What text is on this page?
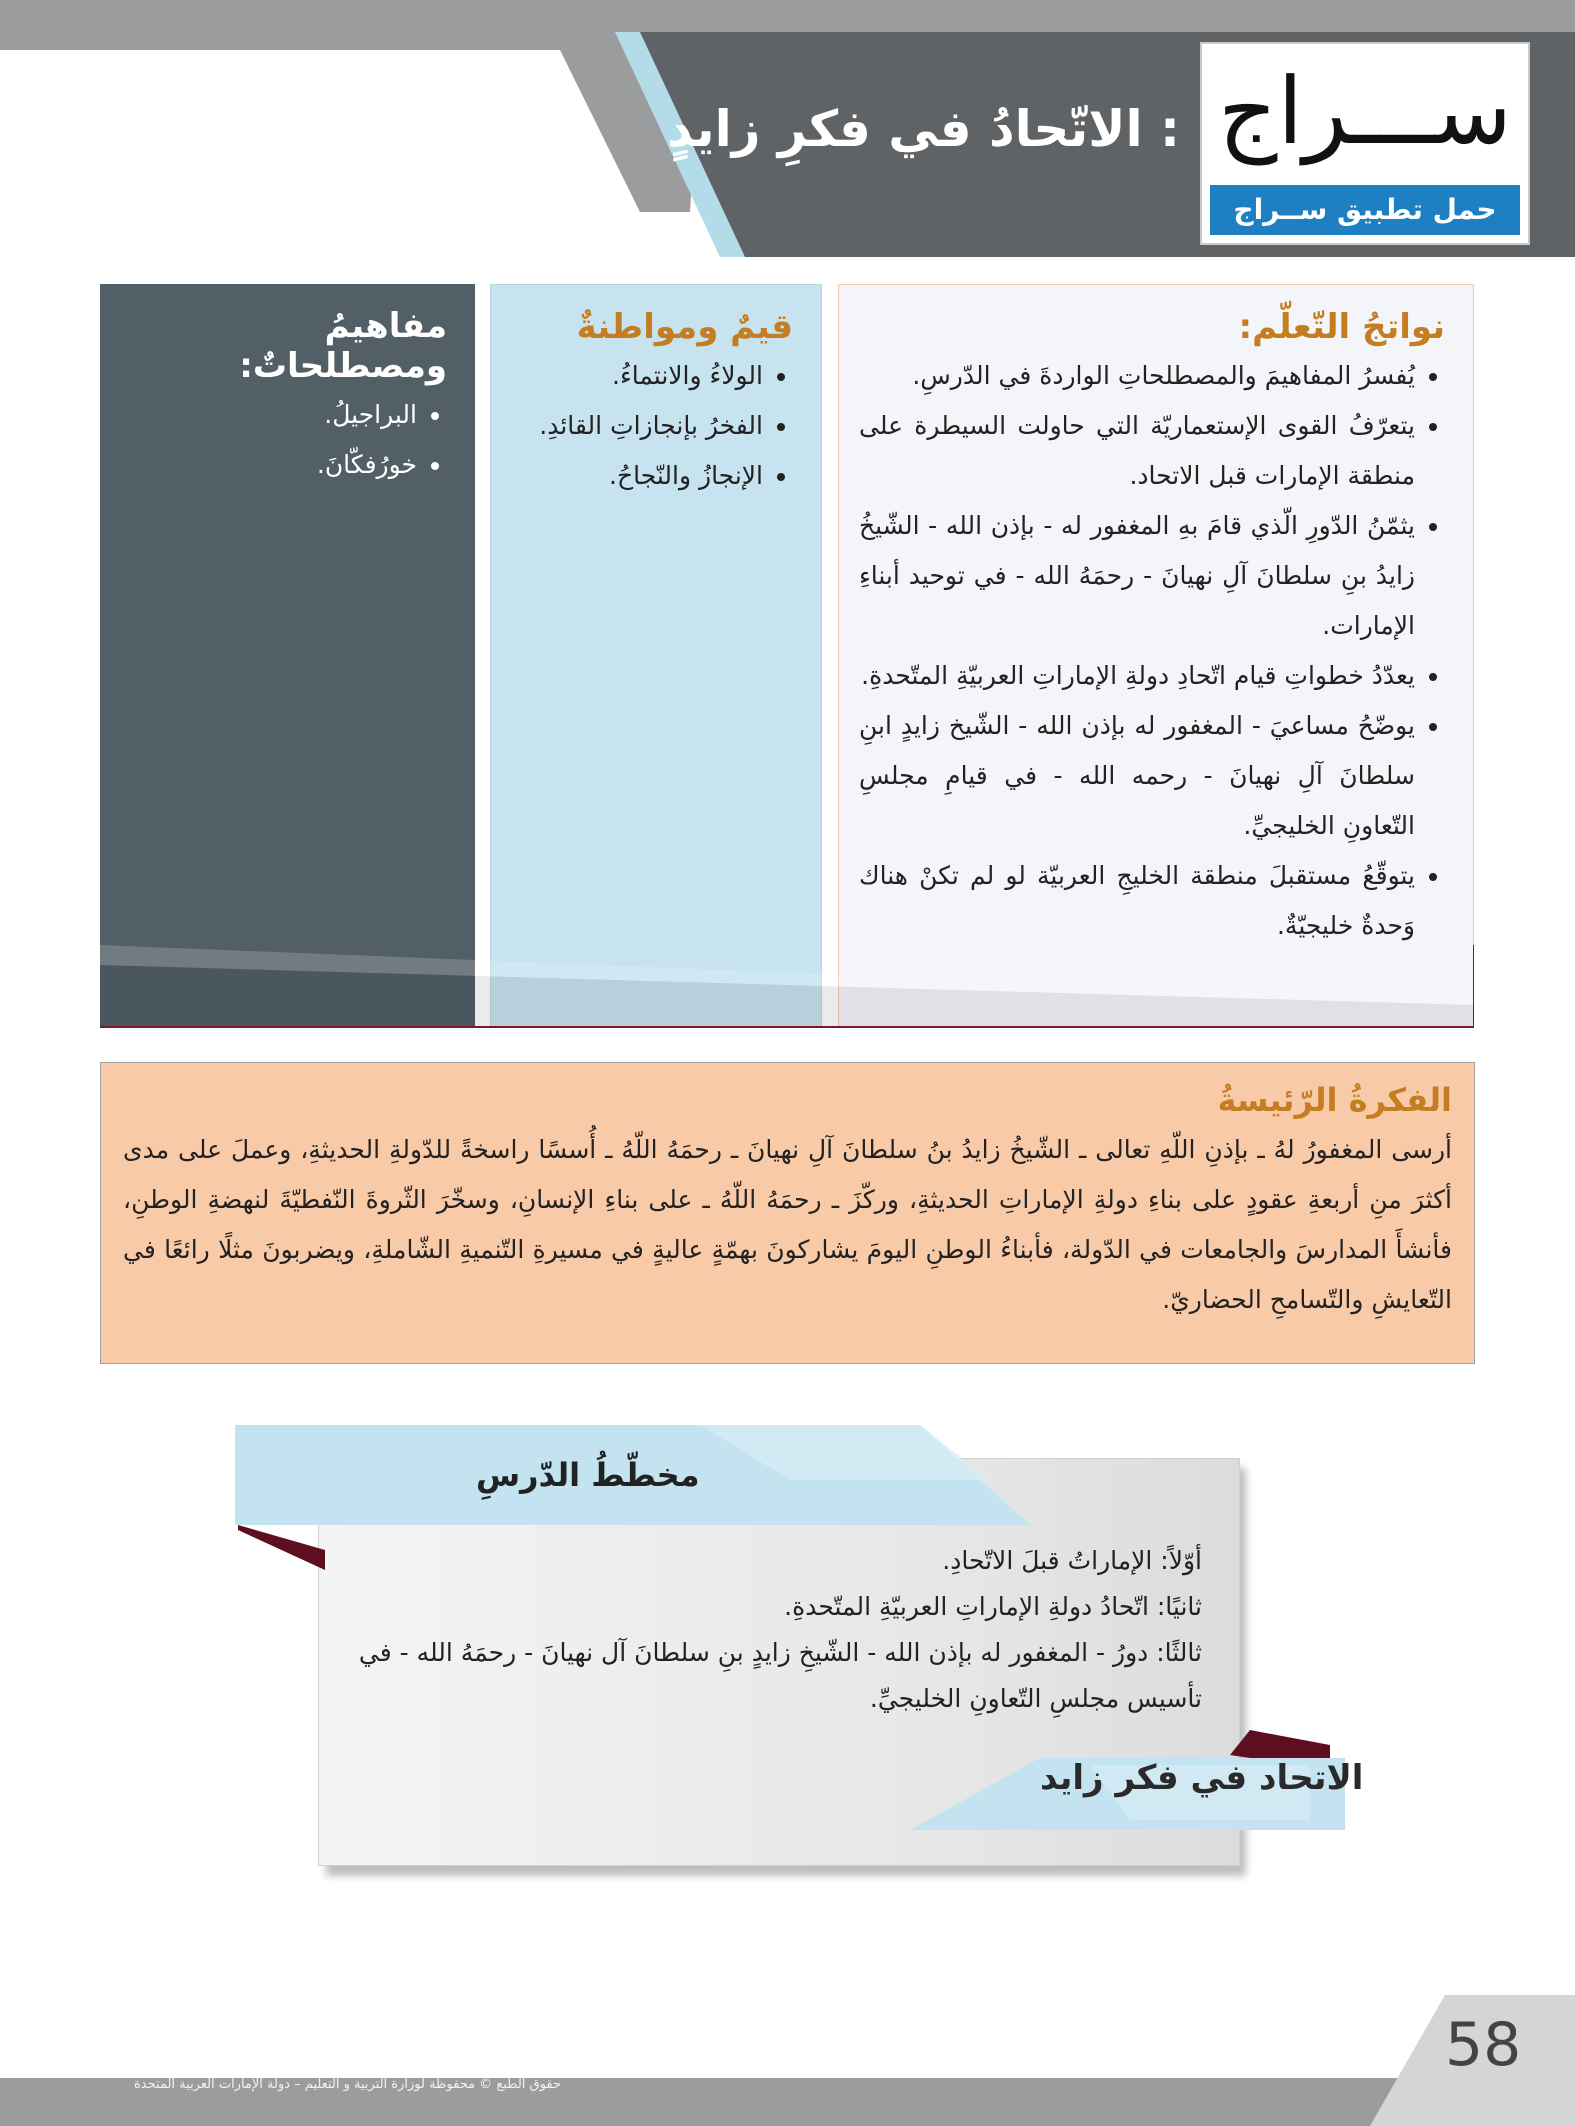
: الاتّحادُ في فكرِ زايدٍ ســـراج
حمل تطبيق ســراج
مفاهيمُ ومصطلحاتٌ:
• البراجيلُ.
• خورُفكّانَ.
قيمٌ ومواطنةٌ
• الولاءُ والانتماءُ.
• الفخرُ بإنجازاتِ القائدِ.
• الإنجازُ والنّجاحُ.
نواتجُ التّعلّم:
• يُفسرُ المفاهيمَ والمصطلحاتِ الواردةَ في الدّرسِ.
• يتعرّفُ القوى الإستعماريّة التي حاولت السيطرة على منطقة الإمارات قبل الاتحاد.
• يثمّنُ الدّورِ الّذي قامَ بهِ المغفور له - بإذن الله - الشّيخُ زايدُ بنِ سلطانَ آلِ نهيانَ - رحمَهُ الله - في توحيد أبناءِ الإمارات.
• يعدّدُ خطواتِ قيام اتّحادِ دولةِ الإماراتِ العربيّةِ المتّحدةِ.
• يوضّحُ مساعيَ - المغفور له بإذن الله - الشّيخ زايدٍ ابنِ سلطانَ آلِ نهيانَ - رحمه الله - في قيامِ مجلسِ التّعاونِ الخليجيِّ.
• يتوقّعُ مستقبلَ منطقة الخليجِ العربيّة لو لم تكنْ هناك وَحدةٌ خليجيّةٌ.
الفكرةُ الرّئيسةُ
أرسى المغفورُ لهُ ـ بإذنِ اللّهِ تعالى ـ الشّيخُ زايدُ بنُ سلطانَ آلِ نهيانَ ـ رحمَهُ اللّهُ ـ أُسسًا راسخةً للدّولةِ الحديثةِ، وعملَ على مدى أكثرَ منِ أربعةِ عقودٍ على بناءِ دولةِ الإماراتِ الحديثةِ، وركّزَ ـ رحمَهُ اللّهُ ـ على بناءِ الإنسانِ، وسخّرَ الثّروةَ النّفطيّةَ لنهضةِ الوطنِ، فأنشأَ المدارسَ والجامعات في الدّولة، فأبناءُ الوطنِ اليومَ يشاركونَ بهمّةٍ عاليةٍ في مسيرةِ التّنميةِ الشّاملةِ، ويضربونَ مثلًا رائعًا في التّعايشِ والتّسامحِ الحضاريّ.
مخطّطُ الدّرسِ
أوّلاً: الإماراتُ قبلَ الاتّحادِ.
ثانيًا: اتّحادُ دولةِ الإماراتِ العربيّةِ المتّحدةِ.
ثالثًا: دورُ - المغفور له بإذن الله - الشّيخِ زايدٍ بنِ سلطانَ آل نهيانَ - رحمَهُ الله - في تأسيس مجلسِ التّعاونِ الخليجيِّ.
الاتحاد في فكر زايد
58
حقوق الطبع © محفوظة لوزارة التربية و التعليم – دولة الإمارات العربية المتحدة
